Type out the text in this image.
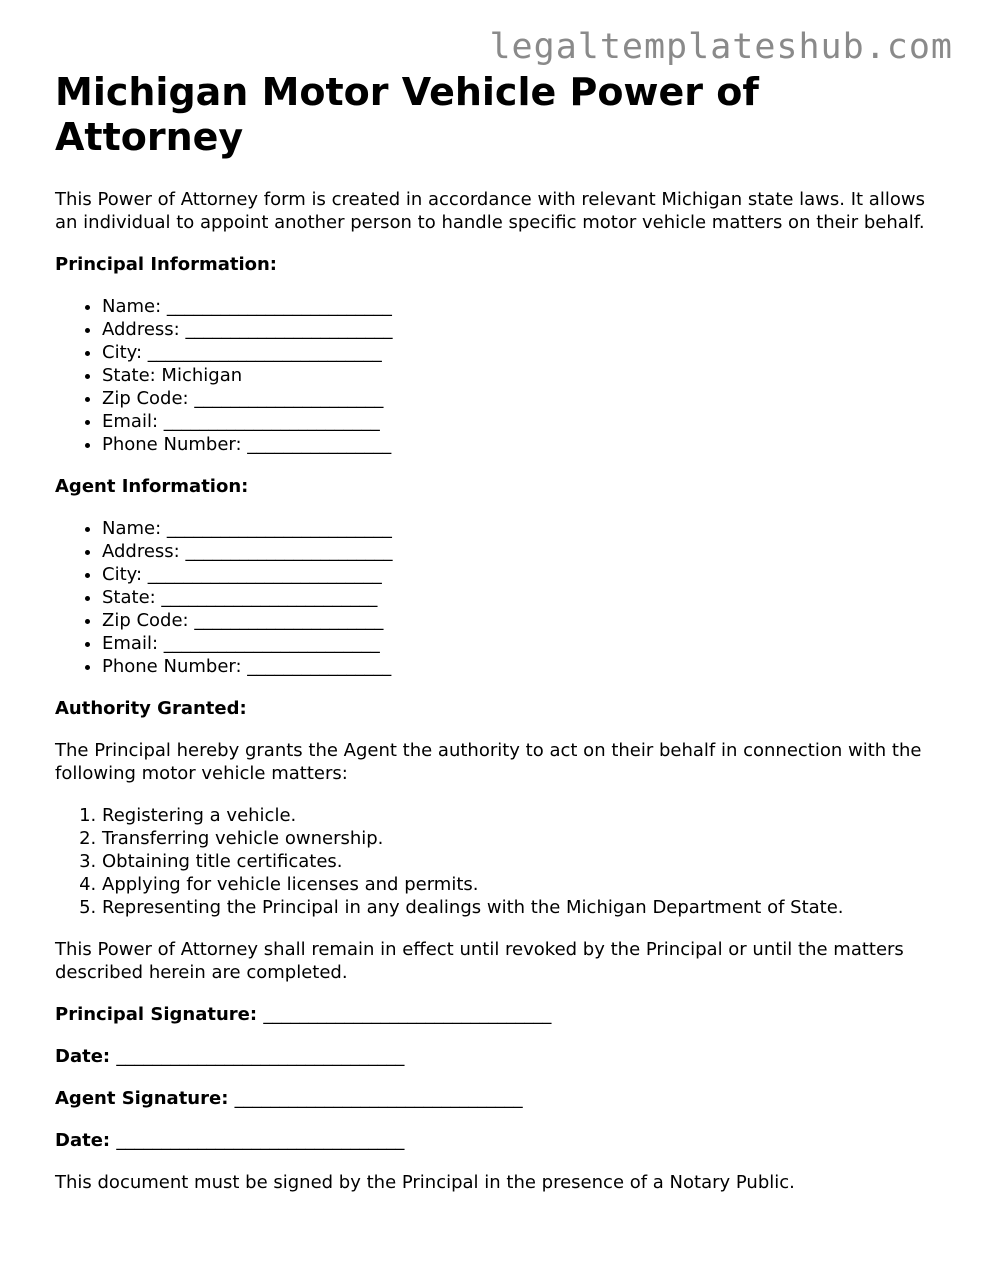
legaltemplateshub.com
Michigan Motor Vehicle Power of Attorney

This Power of Attorney form is created in accordance with relevant Michigan state laws. It allows an individual to appoint another person to handle specific motor vehicle matters on their behalf.

Principal Information:
• Name: _________________________
• Address: _______________________
• City: __________________________
• State: Michigan
• Zip Code: _____________________
• Email: ________________________
• Phone Number: ________________
Agent Information:
• Name: _________________________
• Address: _______________________
• City: __________________________
• State: ________________________
• Zip Code: _____________________
• Email: ________________________
• Phone Number: ________________
Authority Granted:

The Principal hereby grants the Agent the authority to act on their behalf in connection with the following motor vehicle matters:

1. Registering a vehicle.
2. Transferring vehicle ownership.
3. Obtaining title certificates.
4. Applying for vehicle licenses and permits.
5. Representing the Principal in any dealings with the Michigan Department of State.

This Power of Attorney shall remain in effect until revoked by the Principal or until the matters described herein are completed.

Principal Signature: ________________________________
Date: ________________________________
Agent Signature: ________________________________
Date: ________________________________

This document must be signed by the Principal in the presence of a Notary Public.
